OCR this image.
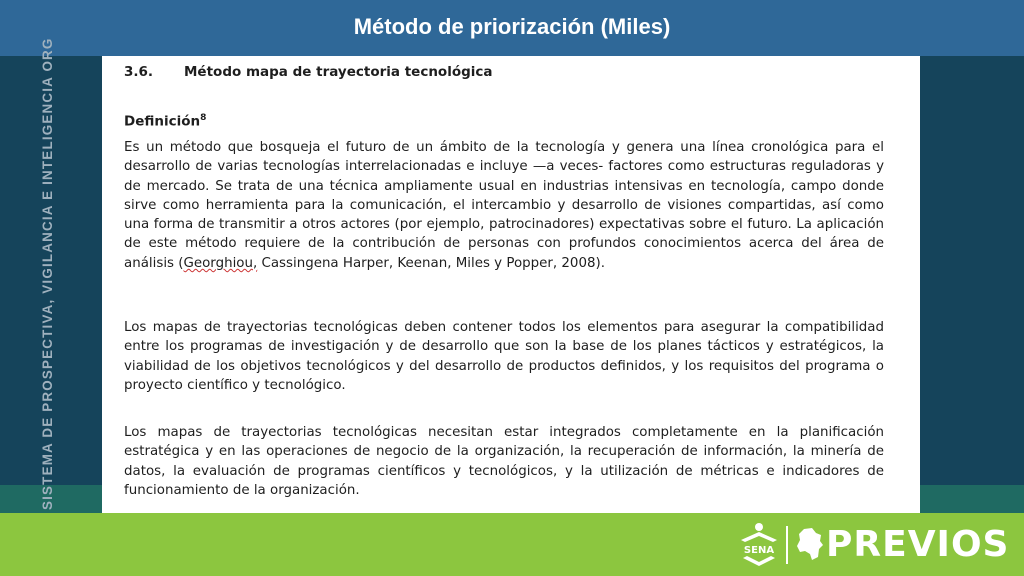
Método de priorización (Miles)
SISTEMA DE PROSPECTIVA, VIGILANCIA E INTELIGENCIA ORG	3.6. Método mapa de trayectoria tecnológica
Definición$^8$

Es un método que bosqueja el futuro de un ámbito de la tecnología y genera una línea cronológica para el desarrollo de varias tecnologías interrelacionadas e incluye —a veces- factores como estructuras reguladoras y de mercado. Se trata de una técnica ampliamente usual en industrias intensivas en tecnología, campo donde sirve como herramienta para la comunicación, el intercambio y desarrollo de visiones compartidas, así como una forma de transmitir a otros actores (por ejemplo, patrocinadores) expectativas sobre el futuro. La aplicación de este método requiere de la contribución de personas con profundos conocimientos acerca del área de análisis (Georghiou, Cassingena Harper, Keenan, Miles y Popper, 2008).

Los mapas de trayectorias tecnológicas deben contener todos los elementos para asegurar la compatibilidad entre los programas de investigación y de desarrollo que son la base de los planes tácticos y estratégicos, la viabilidad de los objetivos tecnológicos y del desarrollo de productos definidos, y los requisitos del programa o proyecto científico y tecnológico.

Los mapas de trayectorias tecnológicas necesitan estar integrados completamente en la planificación estratégica y en las operaciones de negocio de la organización, la recuperación de información, la minería de datos, la evaluación de programas científicos y tecnológicos, y la utilización de métricas e indicadores de funcionamiento de la organización.

SENA PREVIOS
